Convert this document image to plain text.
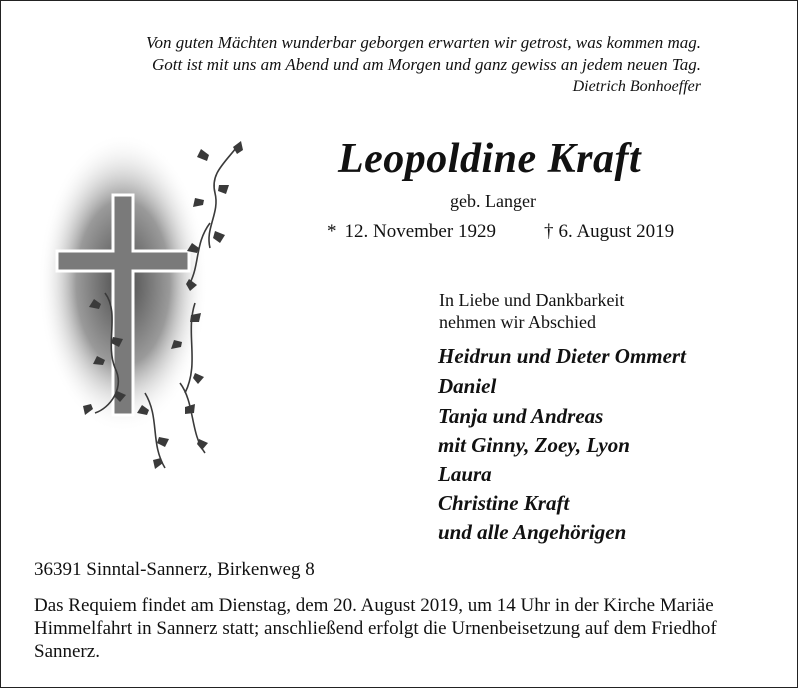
Von guten Mächten wunderbar geborgen erwarten wir getrost, was kommen mag.
Gott ist mit uns am Abend und am Morgen und ganz gewiss an jedem neuen Tag.
Dietrich Bonhoeffer
Leopoldine Kraft
geb. Langer
* 12. November 1929	† 6. August 2019
In Liebe und Dankbarkeit
nehmen wir Abschied
Heidrun und Dieter Ommert
Daniel
Tanja und Andreas
mit Ginny, Zoey, Lyon
Laura
Christine Kraft
und alle Angehörigen
36391 Sinntal-Sannerz, Birkenweg 8
Das Requiem findet am Dienstag, dem 20. August 2019, um 14 Uhr in der Kirche Mariäe Himmelfahrt in Sannerz statt; anschließend erfolgt die Urnenbeisetzung auf dem Friedhof Sannerz.
